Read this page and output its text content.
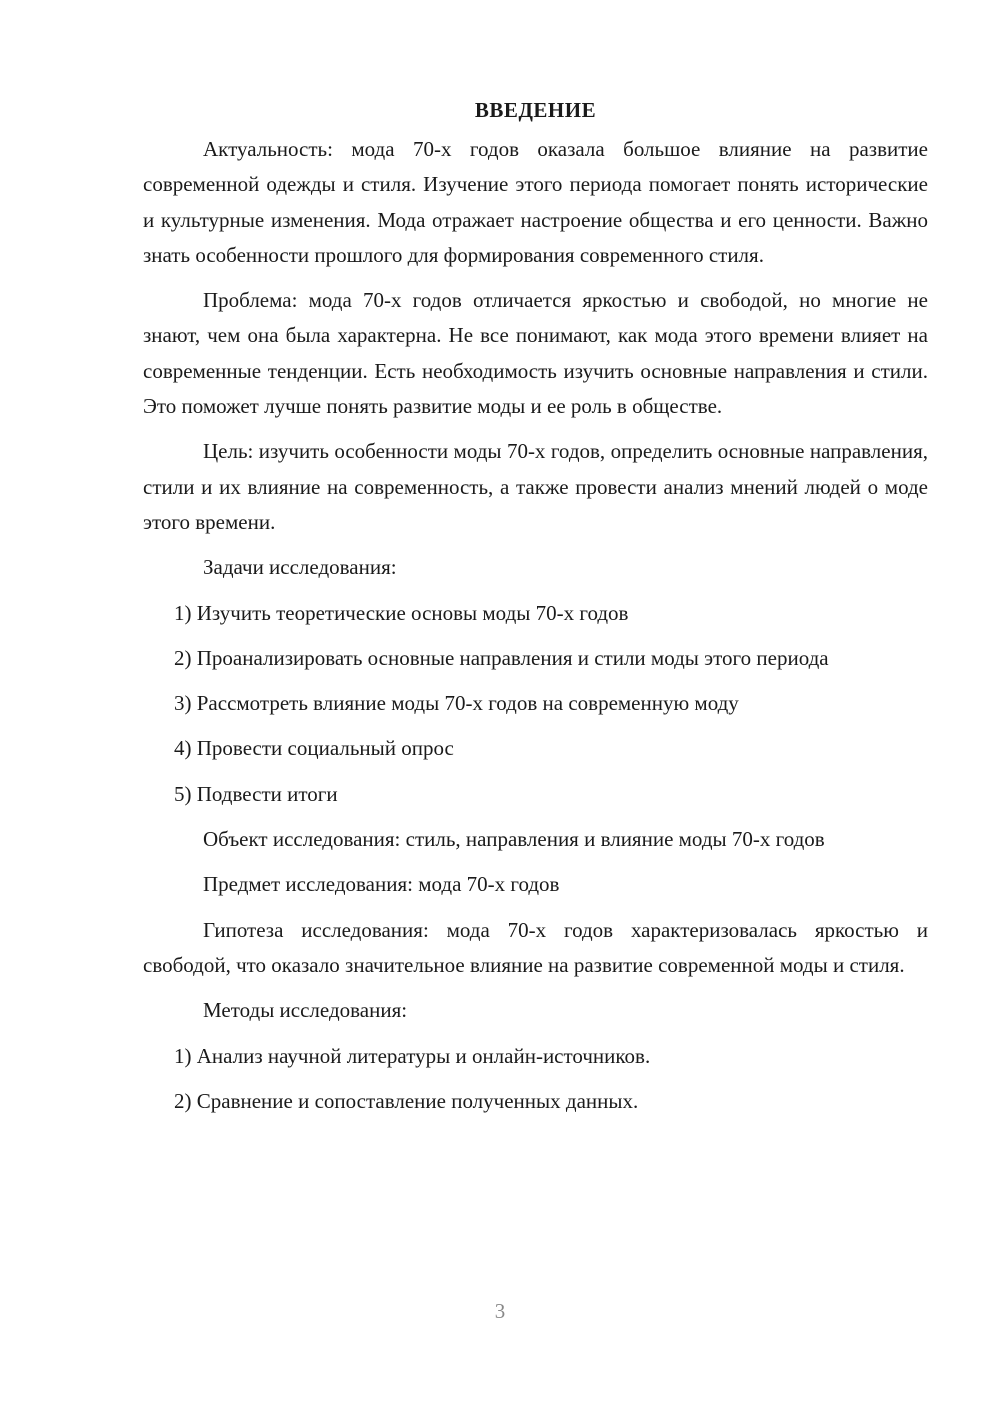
ВВЕДЕНИЕ

Актуальность: мода 70-х годов оказала большое влияние на развитие современной одежды и стиля. Изучение этого периода помогает понять исторические и культурные изменения. Мода отражает настроение общества и его ценности. Важно знать особенности прошлого для формирования современного стиля.

Проблема: мода 70-х годов отличается яркостью и свободой, но многие не знают, чем она была характерна. Не все понимают, как мода этого времени влияет на современные тенденции. Есть необходимость изучить основные направления и стили. Это поможет лучше понять развитие моды и ее роль в обществе.

Цель: изучить особенности моды 70-х годов, определить основные направления, стили и их влияние на современность, а также провести анализ мнений людей о моде этого времени.

Задачи исследования:

1) Изучить теоретические основы моды 70-х годов

2) Проанализировать основные направления и стили моды этого периода

3) Рассмотреть влияние моды 70-х годов на современную моду

4) Провести социальный опрос

5) Подвести итоги

Объект исследования: стиль, направления и влияние моды 70-х годов

Предмет исследования: мода 70-х годов

Гипотеза исследования: мода 70-х годов характеризовалась яркостью и свободой, что оказало значительное влияние на развитие современной моды и стиля.

Методы исследования:

1) Анализ научной литературы и онлайн-источников.

2) Сравнение и сопоставление полученных данных.

3
